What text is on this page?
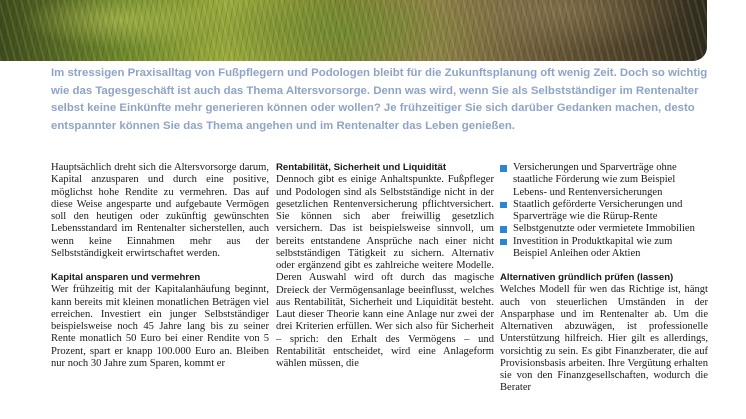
Im stressigen Praxisalltag von Fußpflegern und Podologen bleibt für die Zukunftsplanung oft wenig Zeit. Doch so wichtig wie das Tagesgeschäft ist auch das Thema Altersvorsorge. Denn was wird, wenn Sie als Selbstständiger im Rentenalter selbst keine Einkünfte mehr generieren können oder wollen? Je frühzeitiger Sie sich darüber Gedanken machen, desto entspannter können Sie das Thema angehen und im Rentenalter das Leben genießen.

Hauptsächlich dreht sich die Altersvorsorge darum, Kapital anzusparen und durch eine positive, möglichst hohe Rendite zu vermehren. Das auf diese Weise angesparte und aufgebaute Vermögen soll den heutigen oder zukünftig gewünschten Lebensstandard im Rentenalter sicherstellen, auch wenn keine Einnahmen mehr aus der Selbstständigkeit erwirtschaftet werden.

Kapital ansparen und vermehren

Wer frühzeitig mit der Kapitalanhäufung beginnt, kann bereits mit kleinen monatlichen Beträgen viel erreichen. Investiert ein junger Selbstständiger beispielsweise noch 45 Jahre lang bis zu seiner Rente monatlich 50 Euro bei einer Rendite von 5 Prozent, spart er knapp 100.000 Euro an. Bleiben nur noch 30 Jahre zum Sparen, kommt er

Rentabilität, Sicherheit und Liquidität

Dennoch gibt es einige Anhaltspunkte. Fußpfleger und Podologen sind als Selbstständige nicht in der gesetzlichen Rentenversicherung pflichtversichert. Sie können sich aber freiwillig gesetzlich versichern. Das ist beispielsweise sinnvoll, um bereits entstandene Ansprüche nach einer nicht selbstständigen Tätigkeit zu sichern. Alternativ oder ergänzend gibt es zahlreiche weitere Modelle. Deren Auswahl wird oft durch das magische Dreieck der Vermögensanlage beeinflusst, welches aus Rentabilität, Sicherheit und Liquidität besteht. Laut dieser Theorie kann eine Anlage nur zwei der drei Kriterien erfüllen. Wer sich also für Sicherheit – sprich: den Erhalt des Vermögens – und Rentabilität entscheidet, wird eine Anlageform wählen müssen, die

Versicherungen und Sparverträge ohne staatliche Förderung wie zum Beispiel Lebens- und Rentenversicherungen
Staatlich geförderte Versicherungen und Sparverträge wie die Rürup-Rente
Selbstgenutzte oder vermietete Immobilien
Investition in Produktkapital wie zum Beispiel Anleihen oder Aktien
Alternativen gründlich prüfen (lassen)

Welches Modell für wen das Richtige ist, hängt auch von steuerlichen Umständen in der Ansparphase und im Rentenalter ab. Um die Alternativen abzuwägen, ist professionelle Unterstützung hilfreich. Hier gilt es allerdings, vorsichtig zu sein. Es gibt Finanzberater, die auf Provisionsbasis arbeiten. Ihre Vergütung erhalten sie von den Finanzgesellschaften, wodurch die Berater
